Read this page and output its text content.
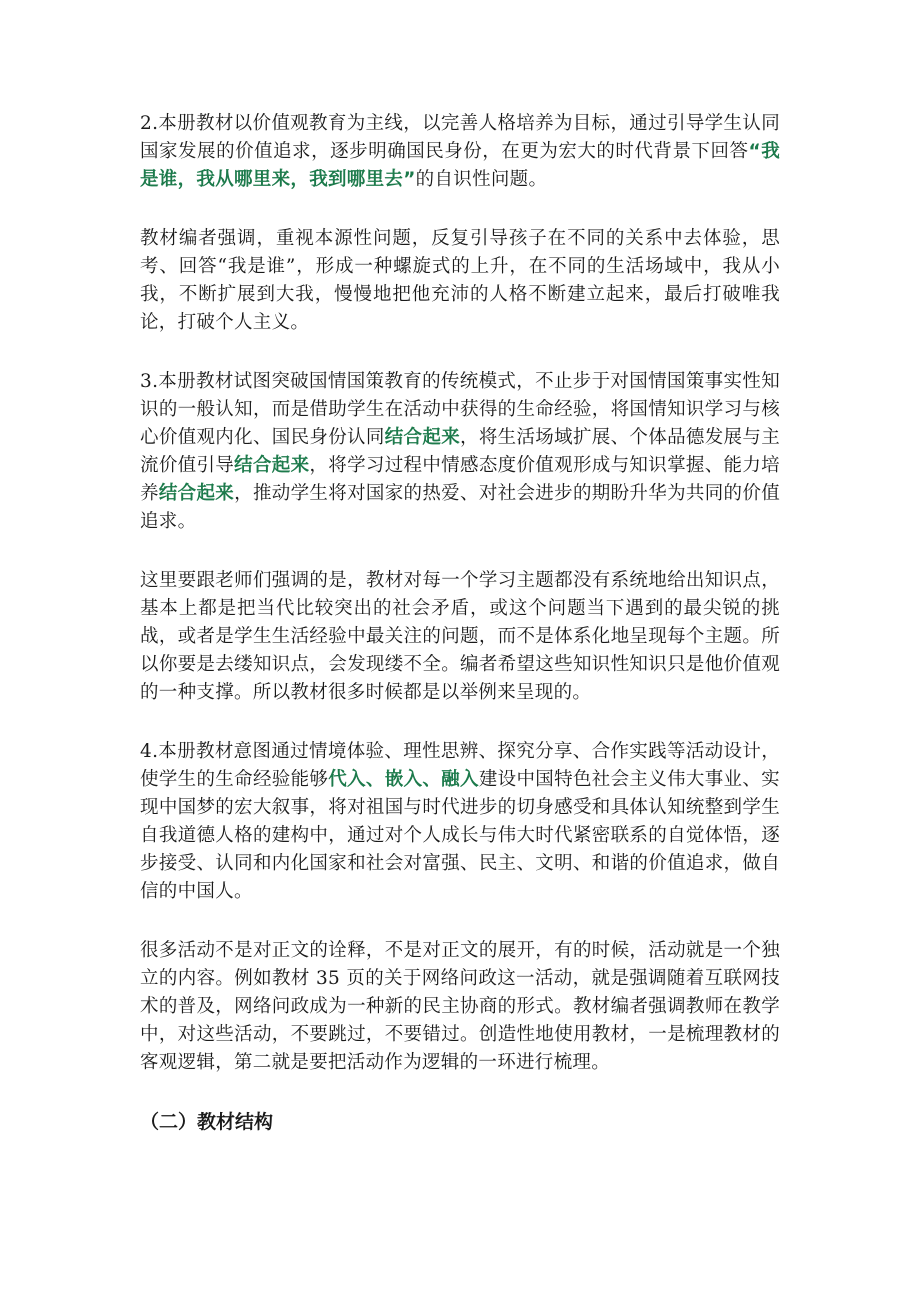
2.本册教材以价值观教育为主线，以完善人格培养为目标，通过引导学生认同国家发展的价值追求，逐步明确国民身份，在更为宏大的时代背景下回答“我是谁，我从哪里来，我到哪里去”的自识性问题。

教材编者强调，重视本源性问题，反复引导孩子在不同的关系中去体验，思考、回答“我是谁”，形成一种螺旋式的上升，在不同的生活场域中，我从小我，不断扩展到大我，慢慢地把他充沛的人格不断建立起来，最后打破唯我论，打破个人主义。

3.本册教材试图突破国情国策教育的传统模式，不止步于对国情国策事实性知识的一般认知，而是借助学生在活动中获得的生命经验，将国情知识学习与核心价值观内化、国民身份认同结合起来，将生活场域扩展、个体品德发展与主流价值引导结合起来，将学习过程中情感态度价值观形成与知识掌握、能力培养结合起来，推动学生将对国家的热爱、对社会进步的期盼升华为共同的价值追求。

这里要跟老师们强调的是，教材对每一个学习主题都没有系统地给出知识点，基本上都是把当代比较突出的社会矛盾，或这个问题当下遇到的最尖锐的挑战，或者是学生生活经验中最关注的问题，而不是体系化地呈现每个主题。所以你要是去缕知识点，会发现缕不全。编者希望这些知识性知识只是他价值观的一种支撑。所以教材很多时候都是以举例来呈现的。

4.本册教材意图通过情境体验、理性思辨、探究分享、合作实践等活动设计，使学生的生命经验能够代入、嵌入、融入建设中国特色社会主义伟大事业、实现中国梦的宏大叙事，将对祖国与时代进步的切身感受和具体认知统整到学生自我道德人格的建构中，通过对个人成长与伟大时代紧密联系的自觉体悟，逐步接受、认同和内化国家和社会对富强、民主、文明、和谐的价值追求，做自信的中国人。

很多活动不是对正文的诠释，不是对正文的展开，有的时候，活动就是一个独立的内容。例如教材 35 页的关于网络问政这一活动，就是强调随着互联网技术的普及，网络问政成为一种新的民主协商的形式。教材编者强调教师在教学中，对这些活动，不要跳过，不要错过。创造性地使用教材，一是梳理教材的客观逻辑，第二就是要把活动作为逻辑的一环进行梳理。

（二）教材结构
